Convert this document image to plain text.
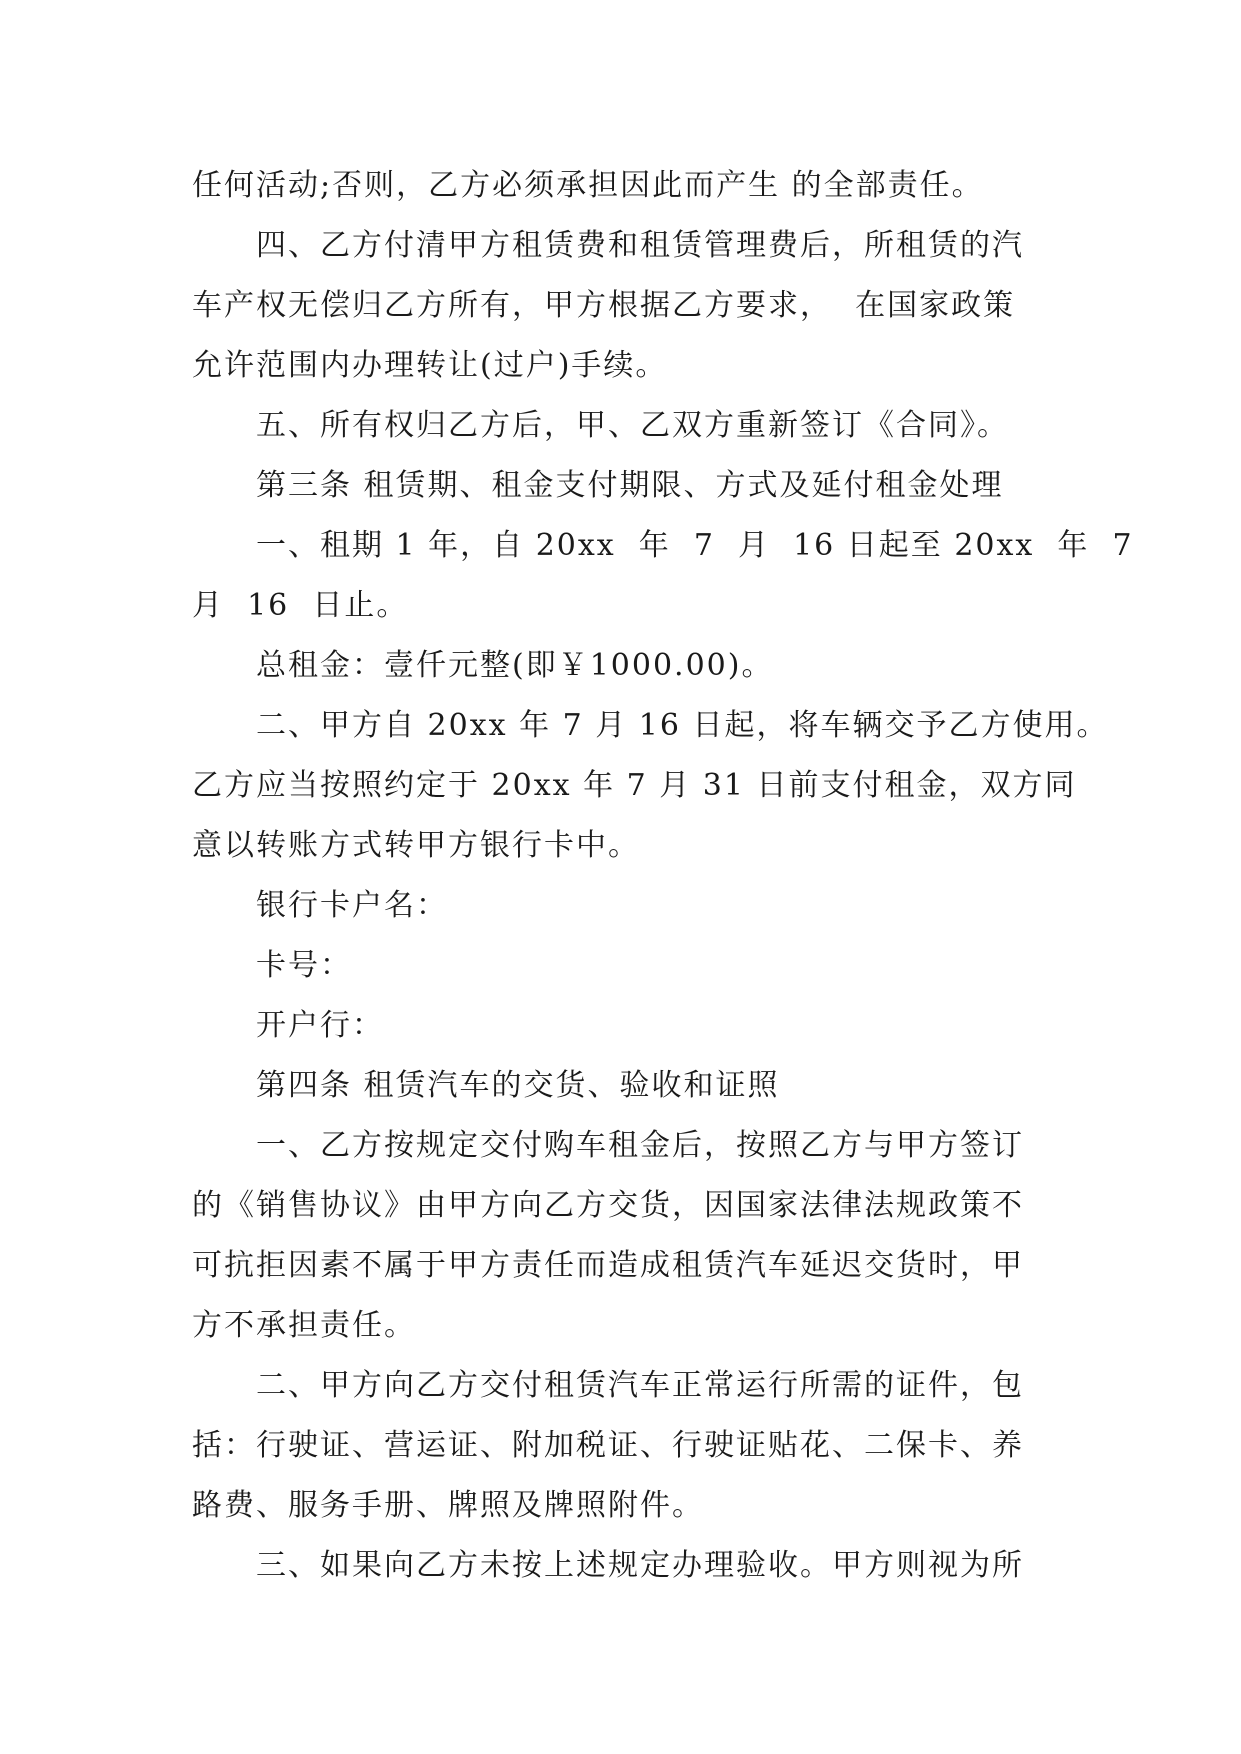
任何活动;否则，乙方必须承担因此而产生 的全部责任。
四、乙方付清甲方租赁费和租赁管理费后，所租赁的汽
车产权无偿归乙方所有，甲方根据乙方要求，  在国家政策
允许范围内办理转让(过户)手续。
五、所有权归乙方后，甲、乙双方重新签订《合同》。
第三条 租赁期、租金支付期限、方式及延付租金处理
一、租期 1 年，自 20xx  年  7  月  16 日起至 20xx  年  7
月  16  日止。
总租金：壹仟元整(即￥1000.00)。
二、甲方自 20xx 年 7 月 16 日起，将车辆交予乙方使用。
乙方应当按照约定于 20xx 年 7 月 31 日前支付租金，双方同
意以转账方式转甲方银行卡中。
银行卡户名：
卡号：
开户行：
第四条 租赁汽车的交货、验收和证照
一、乙方按规定交付购车租金后，按照乙方与甲方签订
的《销售协议》由甲方向乙方交货，因国家法律法规政策不
可抗拒因素不属于甲方责任而造成租赁汽车延迟交货时，甲
方不承担责任。
二、甲方向乙方交付租赁汽车正常运行所需的证件，包
括：行驶证、营运证、附加税证、行驶证贴花、二保卡、养
路费、服务手册、牌照及牌照附件。
三、如果向乙方未按上述规定办理验收。甲方则视为所
